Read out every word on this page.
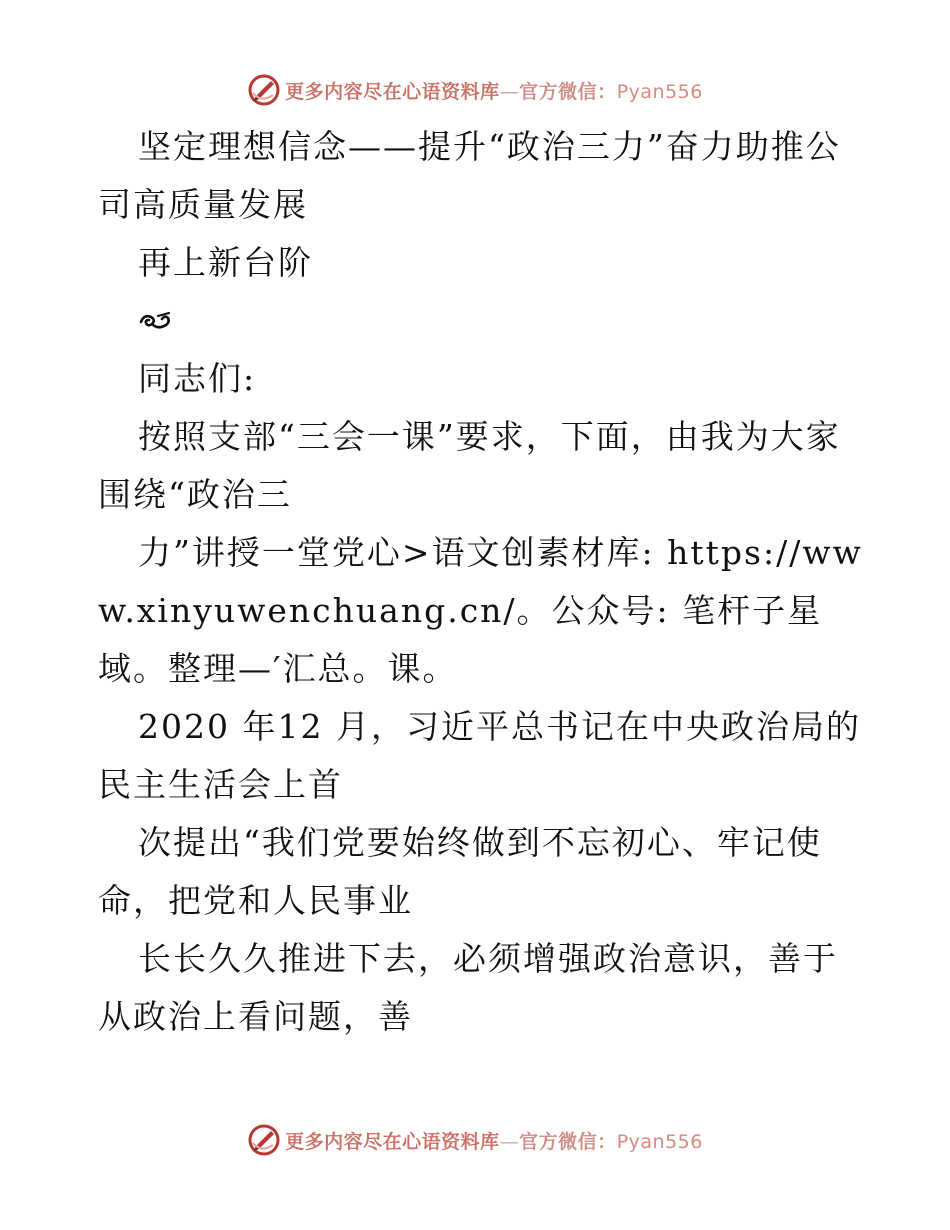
更多内容尽在心语资料库—官方微信：Pyan556

坚定理想信念——提升“政治三力”奋力助推公司高质量发展

再上新台阶

同志们:

按照支部“三会一课”要求，下面，由我为大家围绕“政治三

力”讲授一堂党心>语文创素材库: https://www.xinyuwenchuang.cn/。公众号: 笔杆子星域。整理—′汇总。课。

2020 年12 月，习近平总书记在中央政治局的民主生活会上首

次提出“我们党要始终做到不忘初心、牢记使命，把党和人民事业

长长久久推进下去，必须增强政治意识，善于从政治上看问题，善

更多内容尽在心语资料库—官方微信：Pyan556
